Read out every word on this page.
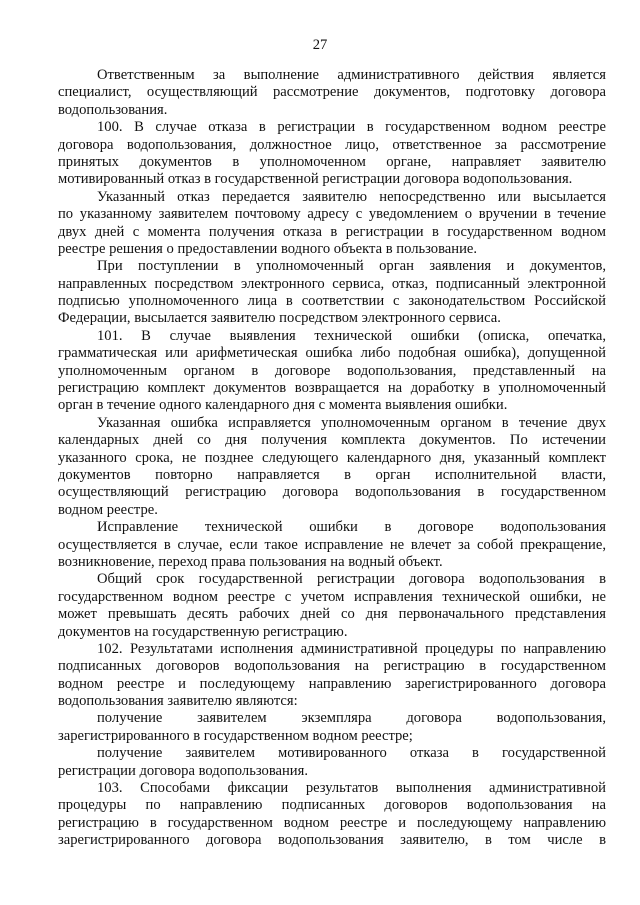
27
Ответственным за выполнение административного действия является
специалист, осуществляющий рассмотрение документов, подготовку договора
водопользования.
100. В случае отказа в регистрации в государственном водном реестре
договора водопользования, должностное лицо, ответственное за рассмотрение
принятых документов в уполномоченном органе, направляет заявителю
мотивированный отказ в государственной регистрации договора водопользования.
Указанный отказ передается заявителю непосредственно или высылается
по указанному заявителем почтовому адресу с уведомлением о вручении в течение
двух дней с момента получения отказа в регистрации в государственном водном
реестре решения о предоставлении водного объекта в пользование.
При поступлении в уполномоченный орган заявления и документов,
направленных посредством электронного сервиса, отказ, подписанный электронной
подписью уполномоченного лица в соответствии с законодательством Российской
Федерации, высылается заявителю посредством электронного сервиса.
101. В случае выявления технической ошибки (описка, опечатка,
грамматическая или арифметическая ошибка либо подобная ошибка), допущенной
уполномоченным органом в договоре водопользования, представленный на
регистрацию комплект документов возвращается на доработку в уполномоченный
орган в течение одного календарного дня с момента выявления ошибки.
Указанная ошибка исправляется уполномоченным органом в течение двух
календарных дней со дня получения комплекта документов. По истечении
указанного срока, не позднее следующего календарного дня, указанный комплект
документов повторно направляется в орган исполнительной власти,
осуществляющий регистрацию договора водопользования в государственном
водном реестре.
Исправление технической ошибки в договоре водопользования
осуществляется в случае, если такое исправление не влечет за собой прекращение,
возникновение, переход права пользования на водный объект.
Общий срок государственной регистрации договора водопользования в
государственном водном реестре с учетом исправления технической ошибки, не
может превышать десять рабочих дней со дня первоначального представления
документов на государственную регистрацию.
102. Результатами исполнения административной процедуры по направлению
подписанных договоров водопользования на регистрацию в государственном
водном реестре и последующему направлению зарегистрированного договора
водопользования заявителю являются:
получение заявителем экземпляра договора водопользования,
зарегистрированного в государственном водном реестре;
получение заявителем мотивированного отказа в государственной
регистрации договора водопользования.
103. Способами фиксации результатов выполнения административной
процедуры по направлению подписанных договоров водопользования на
регистрацию в государственном водном реестре и последующему направлению
зарегистрированного договора водопользования заявителю, в том числе в
